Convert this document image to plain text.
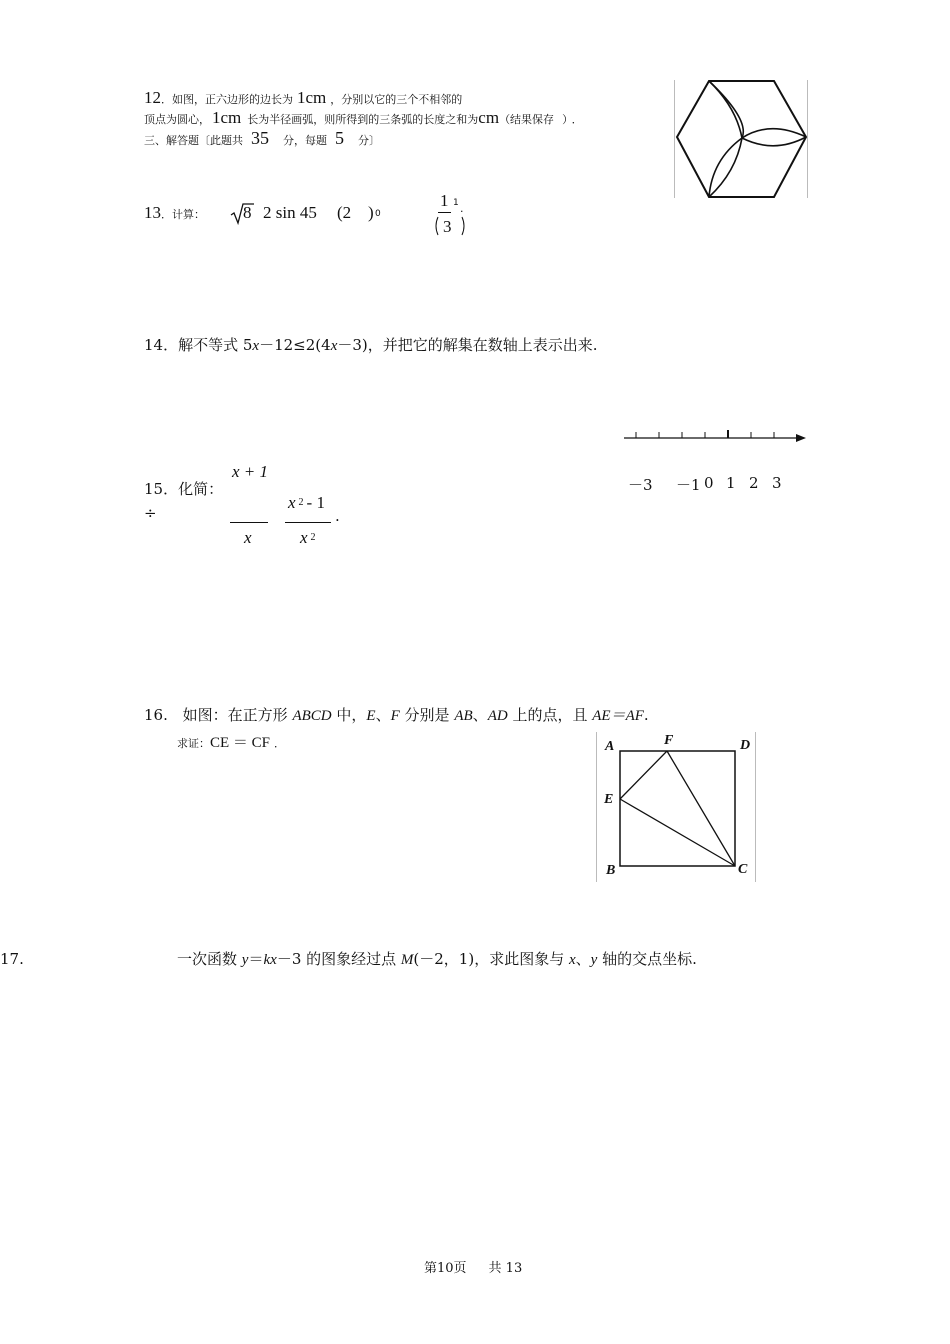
12．如图，正六边形的边长为 1cm ，分别以它的三个不相邻的
顶点为圆心， 1cm 长为半径画弧，则所得到的三条弧的长度之和为cm（结果保存 ） ．
三、解答题〔此题共 35 分，每题 5 分〕
13．计算： 8 2 sin 45 (2 ) 0
1
3
1 .
14．解不等式 5x－12≤2(4x－3)，并把它的解集在数轴上表示出来.
－3 －1 0 1 2 3
x + 1
15．化简：
÷
x 2 - 1
.
x	x 2
16. 如图：在正方形 ABCD 中，E、F 分别是 AB、AD 上的点，且 AE＝AF.
求证：CE ＝ CF ．	A	F	D
E
B	C
17.	一次函数 y＝kx－3 的图象经过点 M(－2，1)，求此图象与 x、y 轴的交点坐标.
第10页 共 13
